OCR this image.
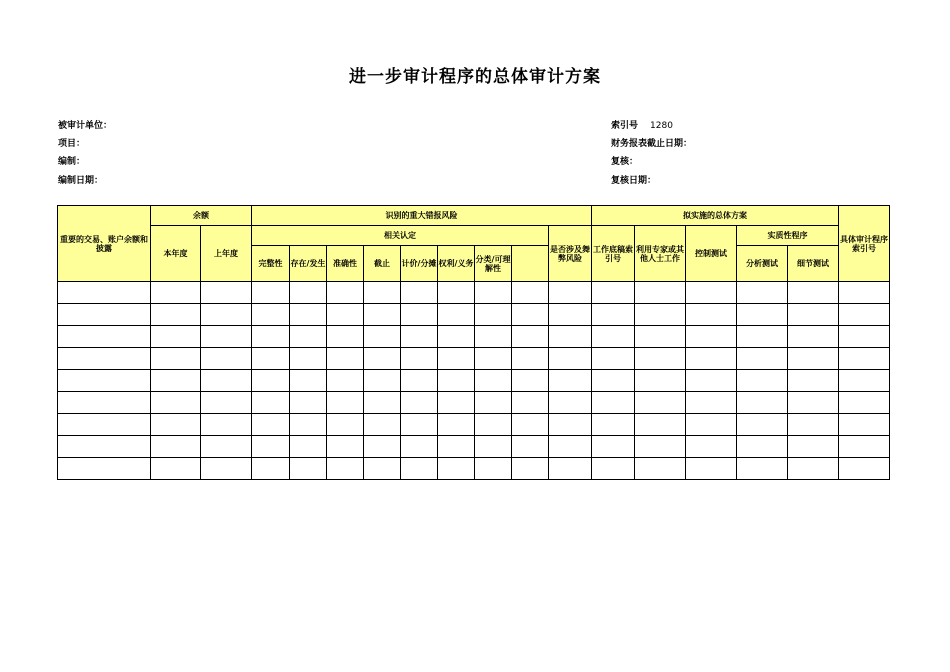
进一步审计程序的总体审计方案
被审计单位：
项目：
编制：
编制日期：
索引号 1280
财务报表截止日期：
复核：
复核日期：
重要的交易、账户余额和披露	余额		识别的重大错报风险									拟实施的总体方案					具体审计程序索引号
	本年度	上年度	相关认定								是否涉及舞弊风险	工作底稿索引号	利用专家或其他人士工作	控制测试	实质性程序		
			完整性	存在/发生	准确性	截止	计价/分摊	权利/义务	分类/可理解性						分析测试	细节测试	
